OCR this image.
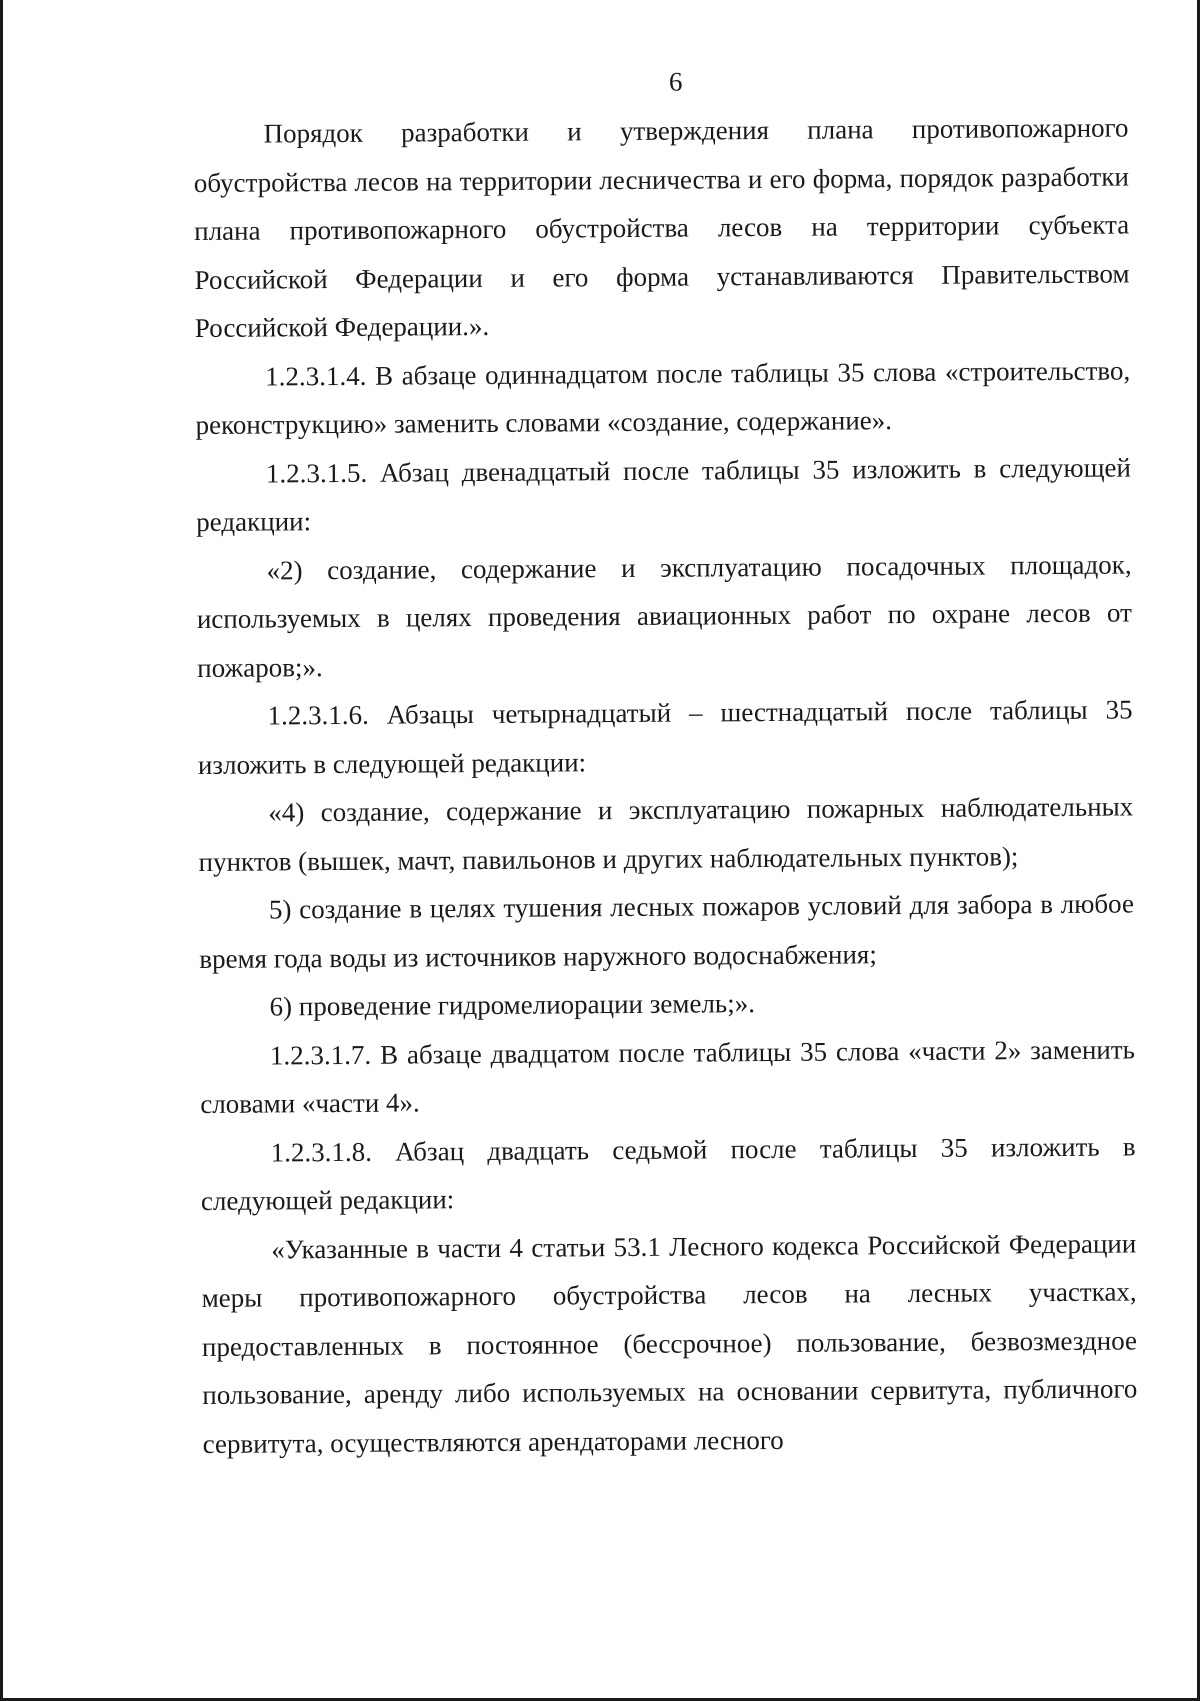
6

Порядок разработки и утверждения плана противопожарного обустройства лесов на территории лесничества и его форма, порядок разработки плана противопожарного обустройства лесов на территории субъекта Российской Федерации и его форма устанавливаются Правительством Российской Федерации.».

1.2.3.1.4. В абзаце одиннадцатом после таблицы 35 слова «строительство, реконструкцию» заменить словами «создание, содержание».

1.2.3.1.5. Абзац двенадцатый после таблицы 35 изложить в следующей редакции:

«2) создание, содержание и эксплуатацию посадочных площадок, используемых в целях проведения авиационных работ по охране лесов от пожаров;».

1.2.3.1.6. Абзацы четырнадцатый – шестнадцатый после таблицы 35 изложить в следующей редакции:

«4) создание, содержание и эксплуатацию пожарных наблюдательных пунктов (вышек, мачт, павильонов и других наблюдательных пунктов);

5) создание в целях тушения лесных пожаров условий для забора в любое время года воды из источников наружного водоснабжения;

6) проведение гидромелиорации земель;».

1.2.3.1.7. В абзаце двадцатом после таблицы 35 слова «части 2» заменить словами «части 4».

1.2.3.1.8. Абзац двадцать седьмой после таблицы 35 изложить в следующей редакции:

«Указанные в части 4 статьи 53.1 Лесного кодекса Российской Федерации меры противопожарного обустройства лесов на лесных участках, предоставленных в постоянное (бессрочное) пользование, безвозмездное пользование, аренду либо используемых на основании сервитута, публичного сервитута, осуществляются арендаторами лесного
